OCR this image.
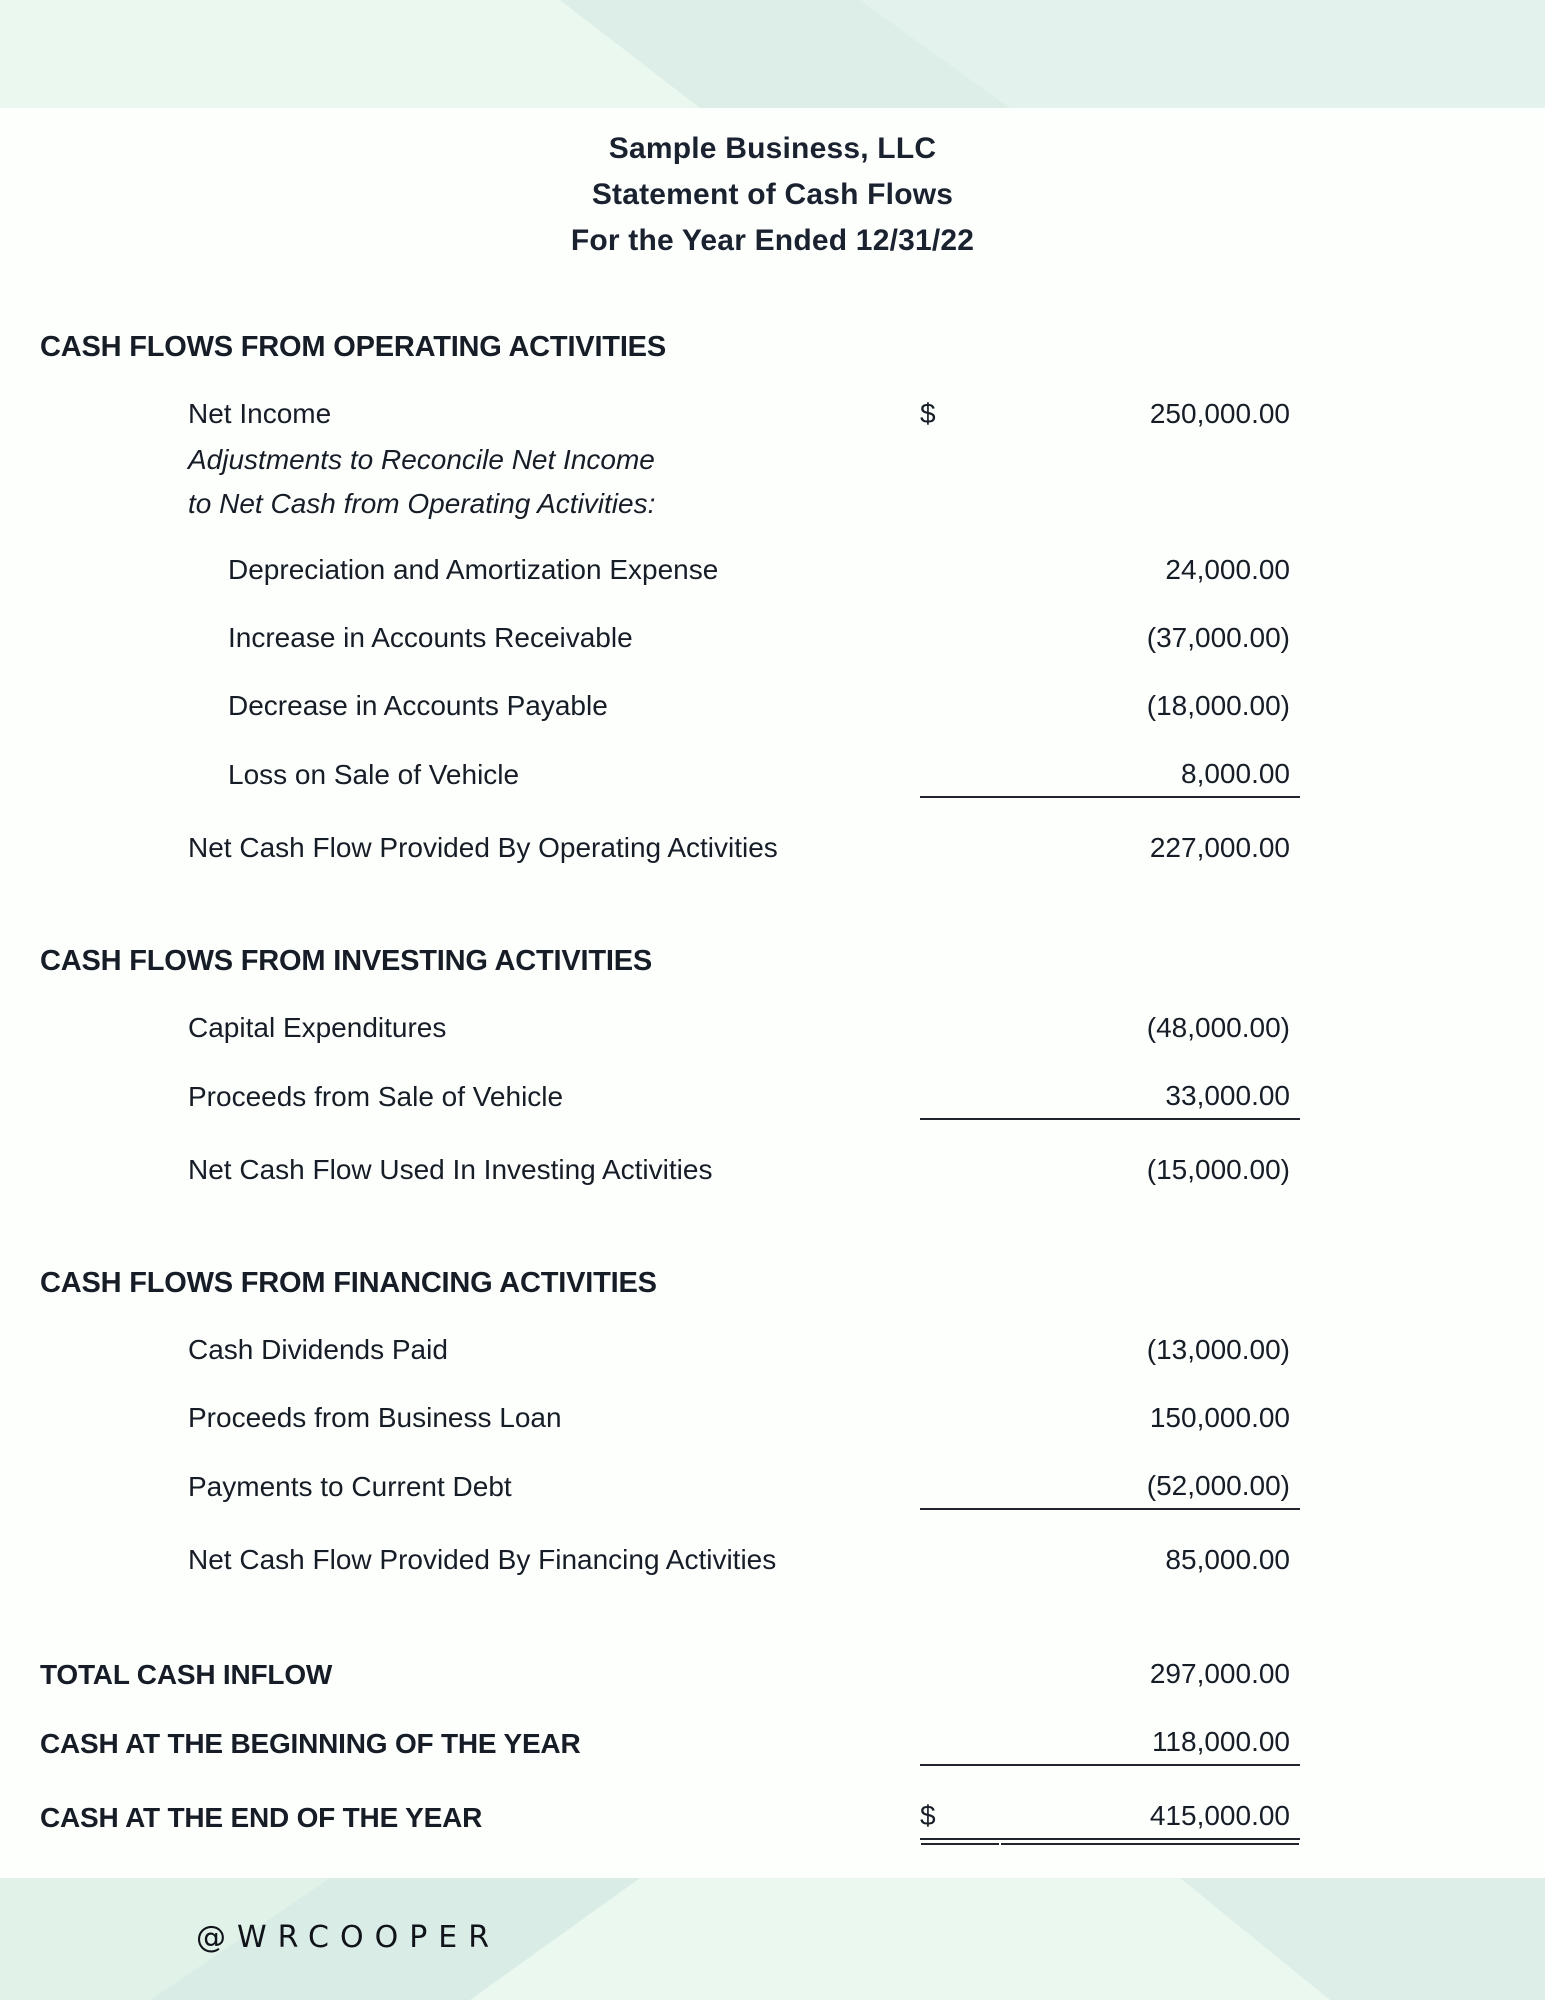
Sample Business, LLC
Statement of Cash Flows
For the Year Ended 12/31/22
CASH FLOWS FROM OPERATING ACTIVITIES			
Net Income	$	250,000.00	
Adjustments to Reconcile Net Income			
to Net Cash from Operating Activities:			
Depreciation and Amortization Expense		24,000.00	
Increase in Accounts Receivable		(37,000.00)	
Decrease in Accounts Payable		(18,000.00)	
Loss on Sale of Vehicle		8,000.00	
Net Cash Flow Provided By Operating Activities		227,000.00	

CASH FLOWS FROM INVESTING ACTIVITIES			
Capital Expenditures		(48,000.00)	
Proceeds from Sale of Vehicle		33,000.00	
Net Cash Flow Used In Investing Activities		(15,000.00)	

CASH FLOWS FROM FINANCING ACTIVITIES			
Cash Dividends Paid		(13,000.00)	
Proceeds from Business Loan		150,000.00	
Payments to Current Debt		(52,000.00)	
Net Cash Flow Provided By Financing Activities		85,000.00	

TOTAL CASH INFLOW		297,000.00	
CASH AT THE BEGINNING OF THE YEAR		118,000.00	
CASH AT THE END OF THE YEAR	$	415,000.00	
@WRCOOPER
